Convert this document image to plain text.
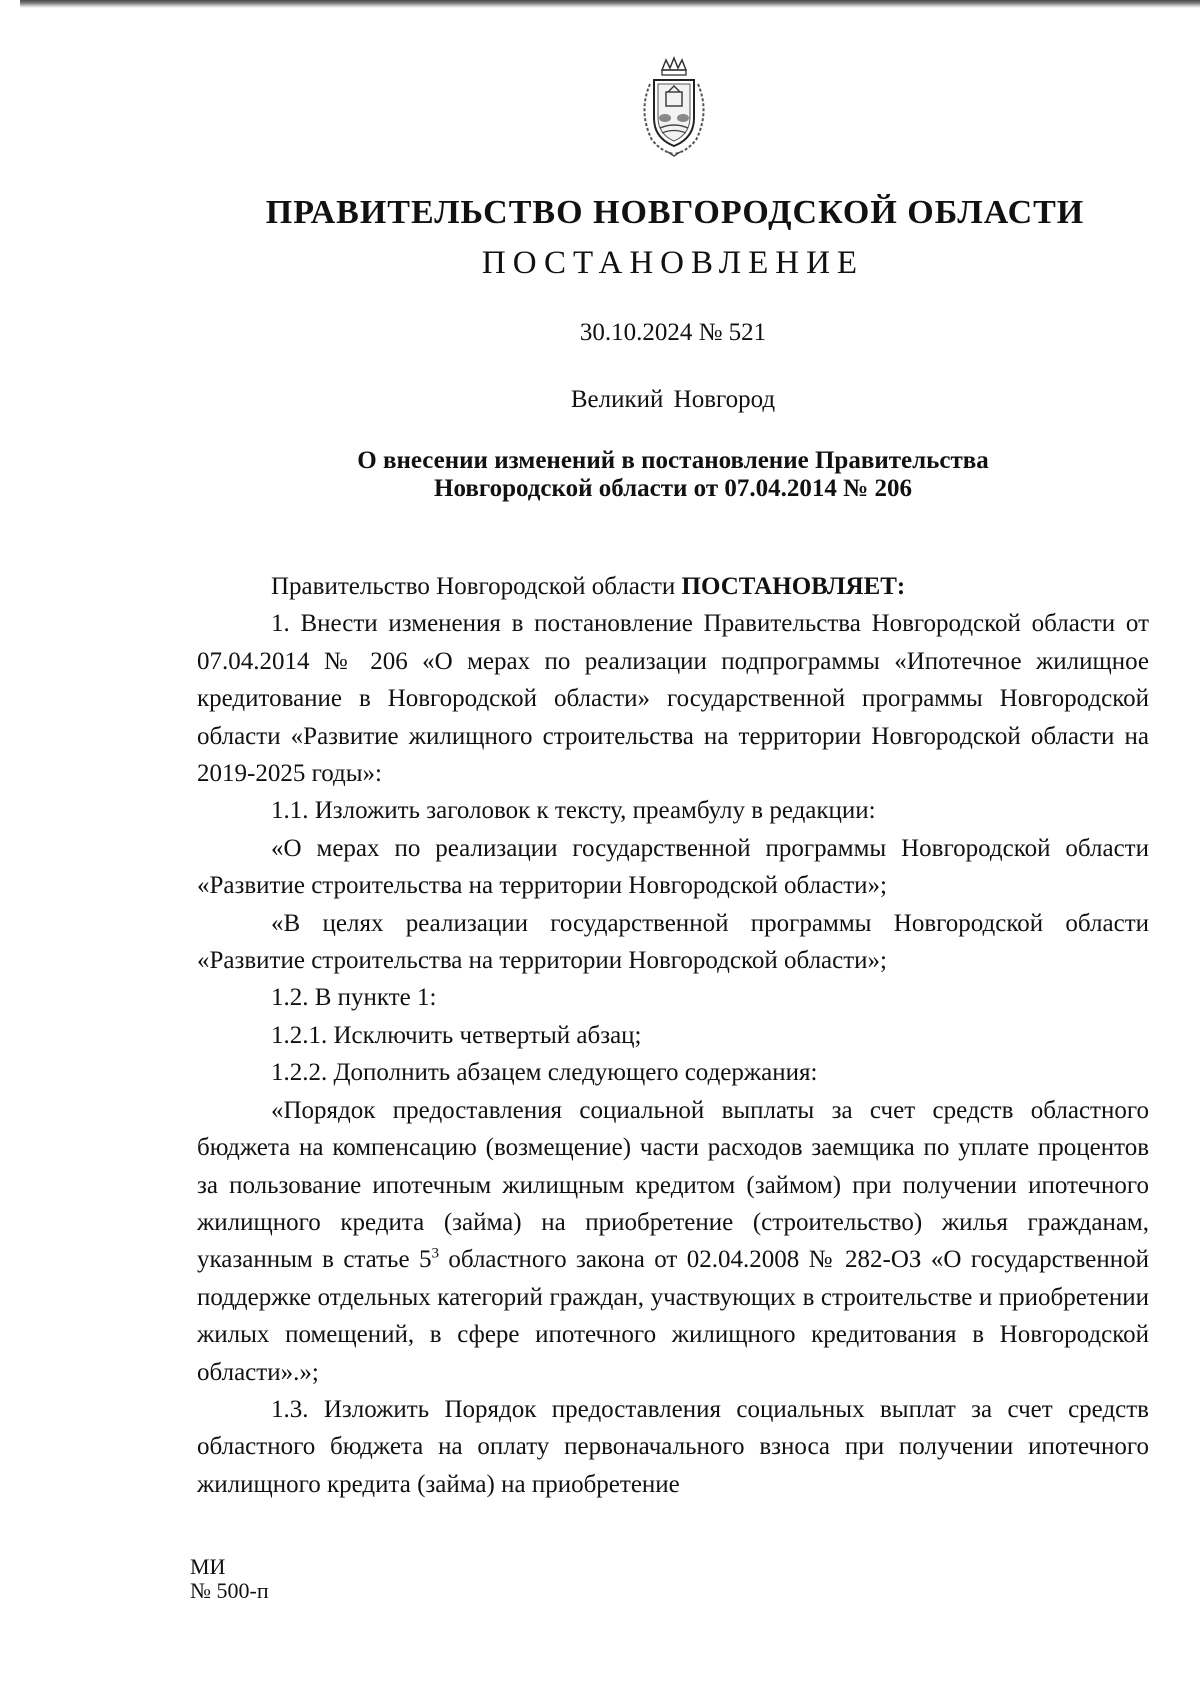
ПРАВИТЕЛЬСТВО НОВГОРОДСКОЙ ОБЛАСТИ
ПОСТАНОВЛЕНИЕ
30.10.2024 № 521
Великий Новгород
О внесении изменений в постановление Правительства
Новгородской области от 07.04.2014 № 206

Правительство Новгородской области ПОСТАНОВЛЯЕТ:

1. Внести изменения в постановление Правительства Новгородской области от 07.04.2014 № 206 «О мерах по реализации подпрограммы «Ипотечное жилищное кредитование в Новгородской области» государственной программы Новгородской области «Развитие жилищного строительства на территории Новгородской области на 2019-2025 годы»:

1.1. Изложить заголовок к тексту, преамбулу в редакции:

«О мерах по реализации государственной программы Новгородской области «Развитие строительства на территории Новгородской области»;

«В целях реализации государственной программы Новгородской области «Развитие строительства на территории Новгородской области»;

1.2. В пункте 1:

1.2.1. Исключить четвертый абзац;

1.2.2. Дополнить абзацем следующего содержания:

«Порядок предоставления социальной выплаты за счет средств областного бюджета на компенсацию (возмещение) части расходов заемщика по уплате процентов за пользование ипотечным жилищным кредитом (займом) при получении ипотечного жилищного кредита (займа) на приобретение (строительство) жилья гражданам, указанным в статье $5^3$ областного закона от 02.04.2008 № 282-ОЗ «О государственной поддержке отдельных категорий граждан, участвующих в строительстве и приобретении жилых помещений, в сфере ипотечного жилищного кредитования в Новгородской области».»;

1.3. Изложить Порядок предоставления социальных выплат за счет средств областного бюджета на оплату первоначального взноса при получении ипотечного жилищного кредита (займа) на приобретение

МИ
№ 500-п
